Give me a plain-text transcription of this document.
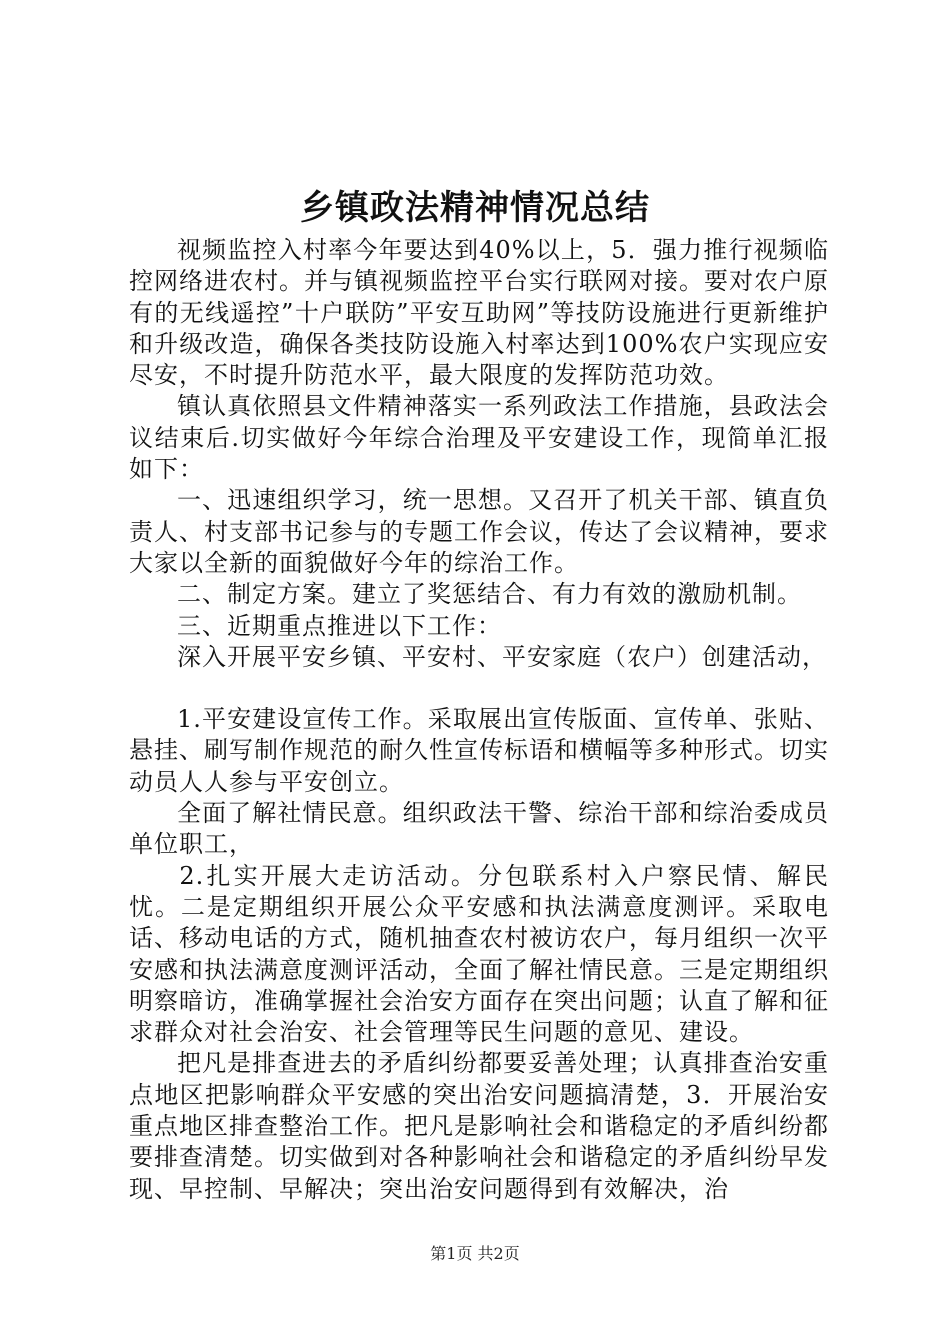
乡镇政法精神情况总结

视频监控入村率今年要达到40%以上，5．强力推行视频临控网络进农村。并与镇视频监控平台实行联网对接。要对农户原有的无线遥控”十户联防”平安互助网”等技防设施进行更新维护和升级改造，确保各类技防设施入村率达到100%农户实现应安尽安，不时提升防范水平，最大限度的发挥防范功效。

镇认真依照县文件精神落实一系列政法工作措施，县政法会议结束后.切实做好今年综合治理及平安建设工作，现简单汇报如下：

一、迅速组织学习，统一思想。又召开了机关干部、镇直负责人、村支部书记参与的专题工作会议，传达了会议精神，要求大家以全新的面貌做好今年的综治工作。

二、制定方案。建立了奖惩结合、有力有效的激励机制。

三、近期重点推进以下工作：

深入开展平安乡镇、平安村、平安家庭（农户）创建活动，

1.平安建设宣传工作。采取展出宣传版面、宣传单、张贴、悬挂、刷写制作规范的耐久性宣传标语和横幅等多种形式。切实动员人人参与平安创立。

全面了解社情民意。组织政法干警、综治干部和综治委成员单位职工，

2.扎实开展大走访活动。分包联系村入户察民情、解民忧。二是定期组织开展公众平安感和执法满意度测评。采取电话、移动电话的方式，随机抽查农村被访农户，每月组织一次平安感和执法满意度测评活动，全面了解社情民意。三是定期组织明察暗访，准确掌握社会治安方面存在突出问题；认直了解和征求群众对社会治安、社会管理等民生问题的意见、建设。

把凡是排查进去的矛盾纠纷都要妥善处理；认真排查治安重点地区把影响群众平安感的突出治安问题搞清楚，3．开展治安重点地区排查整治工作。把凡是影响社会和谐稳定的矛盾纠纷都要排查清楚。切实做到对各种影响社会和谐稳定的矛盾纠纷早发现、早控制、早解决；突出治安问题得到有效解决，治

第1页 共2页
